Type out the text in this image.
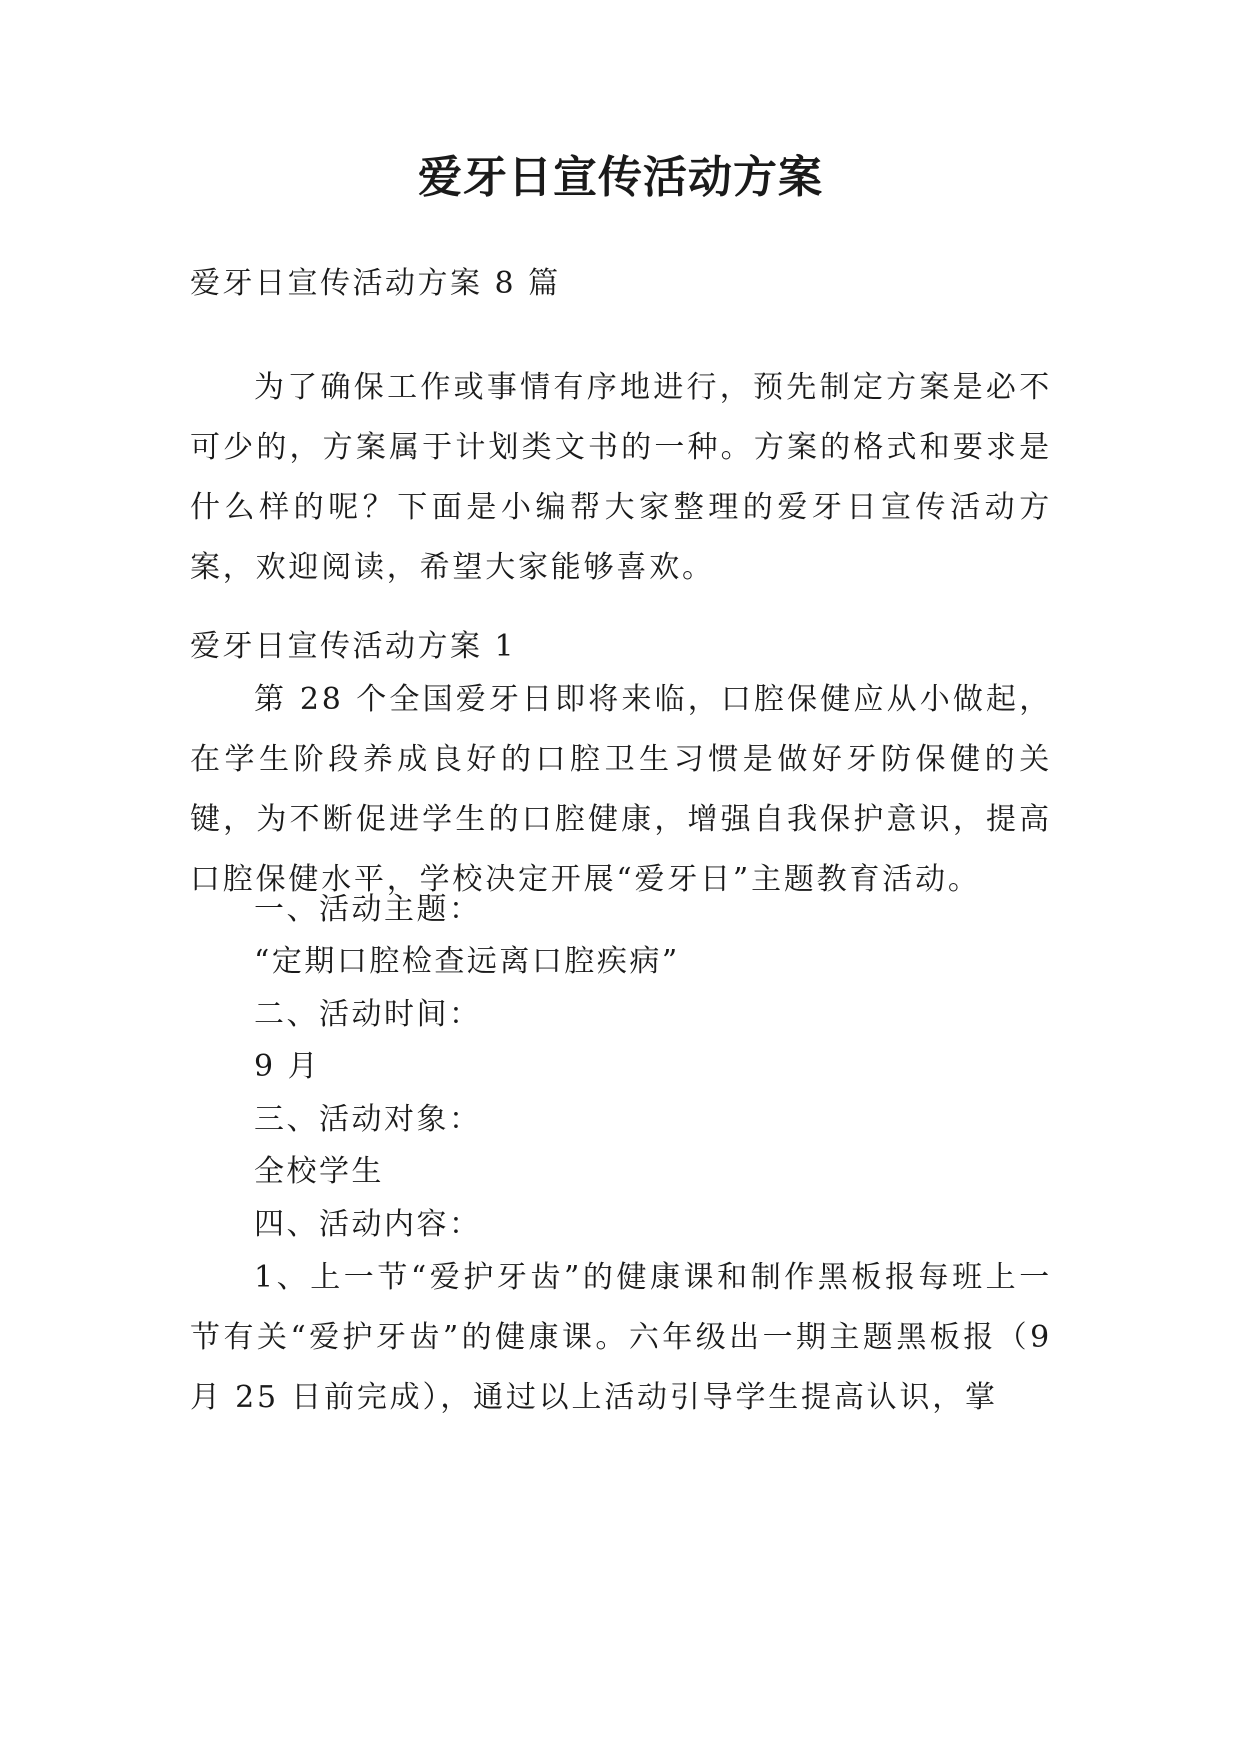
爱牙日宣传活动方案
爱牙日宣传活动方案 8 篇
为了确保工作或事情有序地进行，预先制定方案是必不可少的，方案属于计划类文书的一种。方案的格式和要求是什么样的呢？下面是小编帮大家整理的爱牙日宣传活动方案，欢迎阅读，希望大家能够喜欢。
爱牙日宣传活动方案 1
第 28 个全国爱牙日即将来临，口腔保健应从小做起，在学生阶段养成良好的口腔卫生习惯是做好牙防保健的关键，为不断促进学生的口腔健康，增强自我保护意识，提高口腔保健水平，学校决定开展“爱牙日”主题教育活动。
一、活动主题：
“定期口腔检查远离口腔疾病”
二、活动时间：
9 月
三、活动对象：
全校学生
四、活动内容：
1、上一节“爱护牙齿”的健康课和制作黑板报每班上一节有关“爱护牙齿”的健康课。六年级出一期主题黑板报（9 月 25 日前完成），通过以上活动引导学生提高认识，掌
